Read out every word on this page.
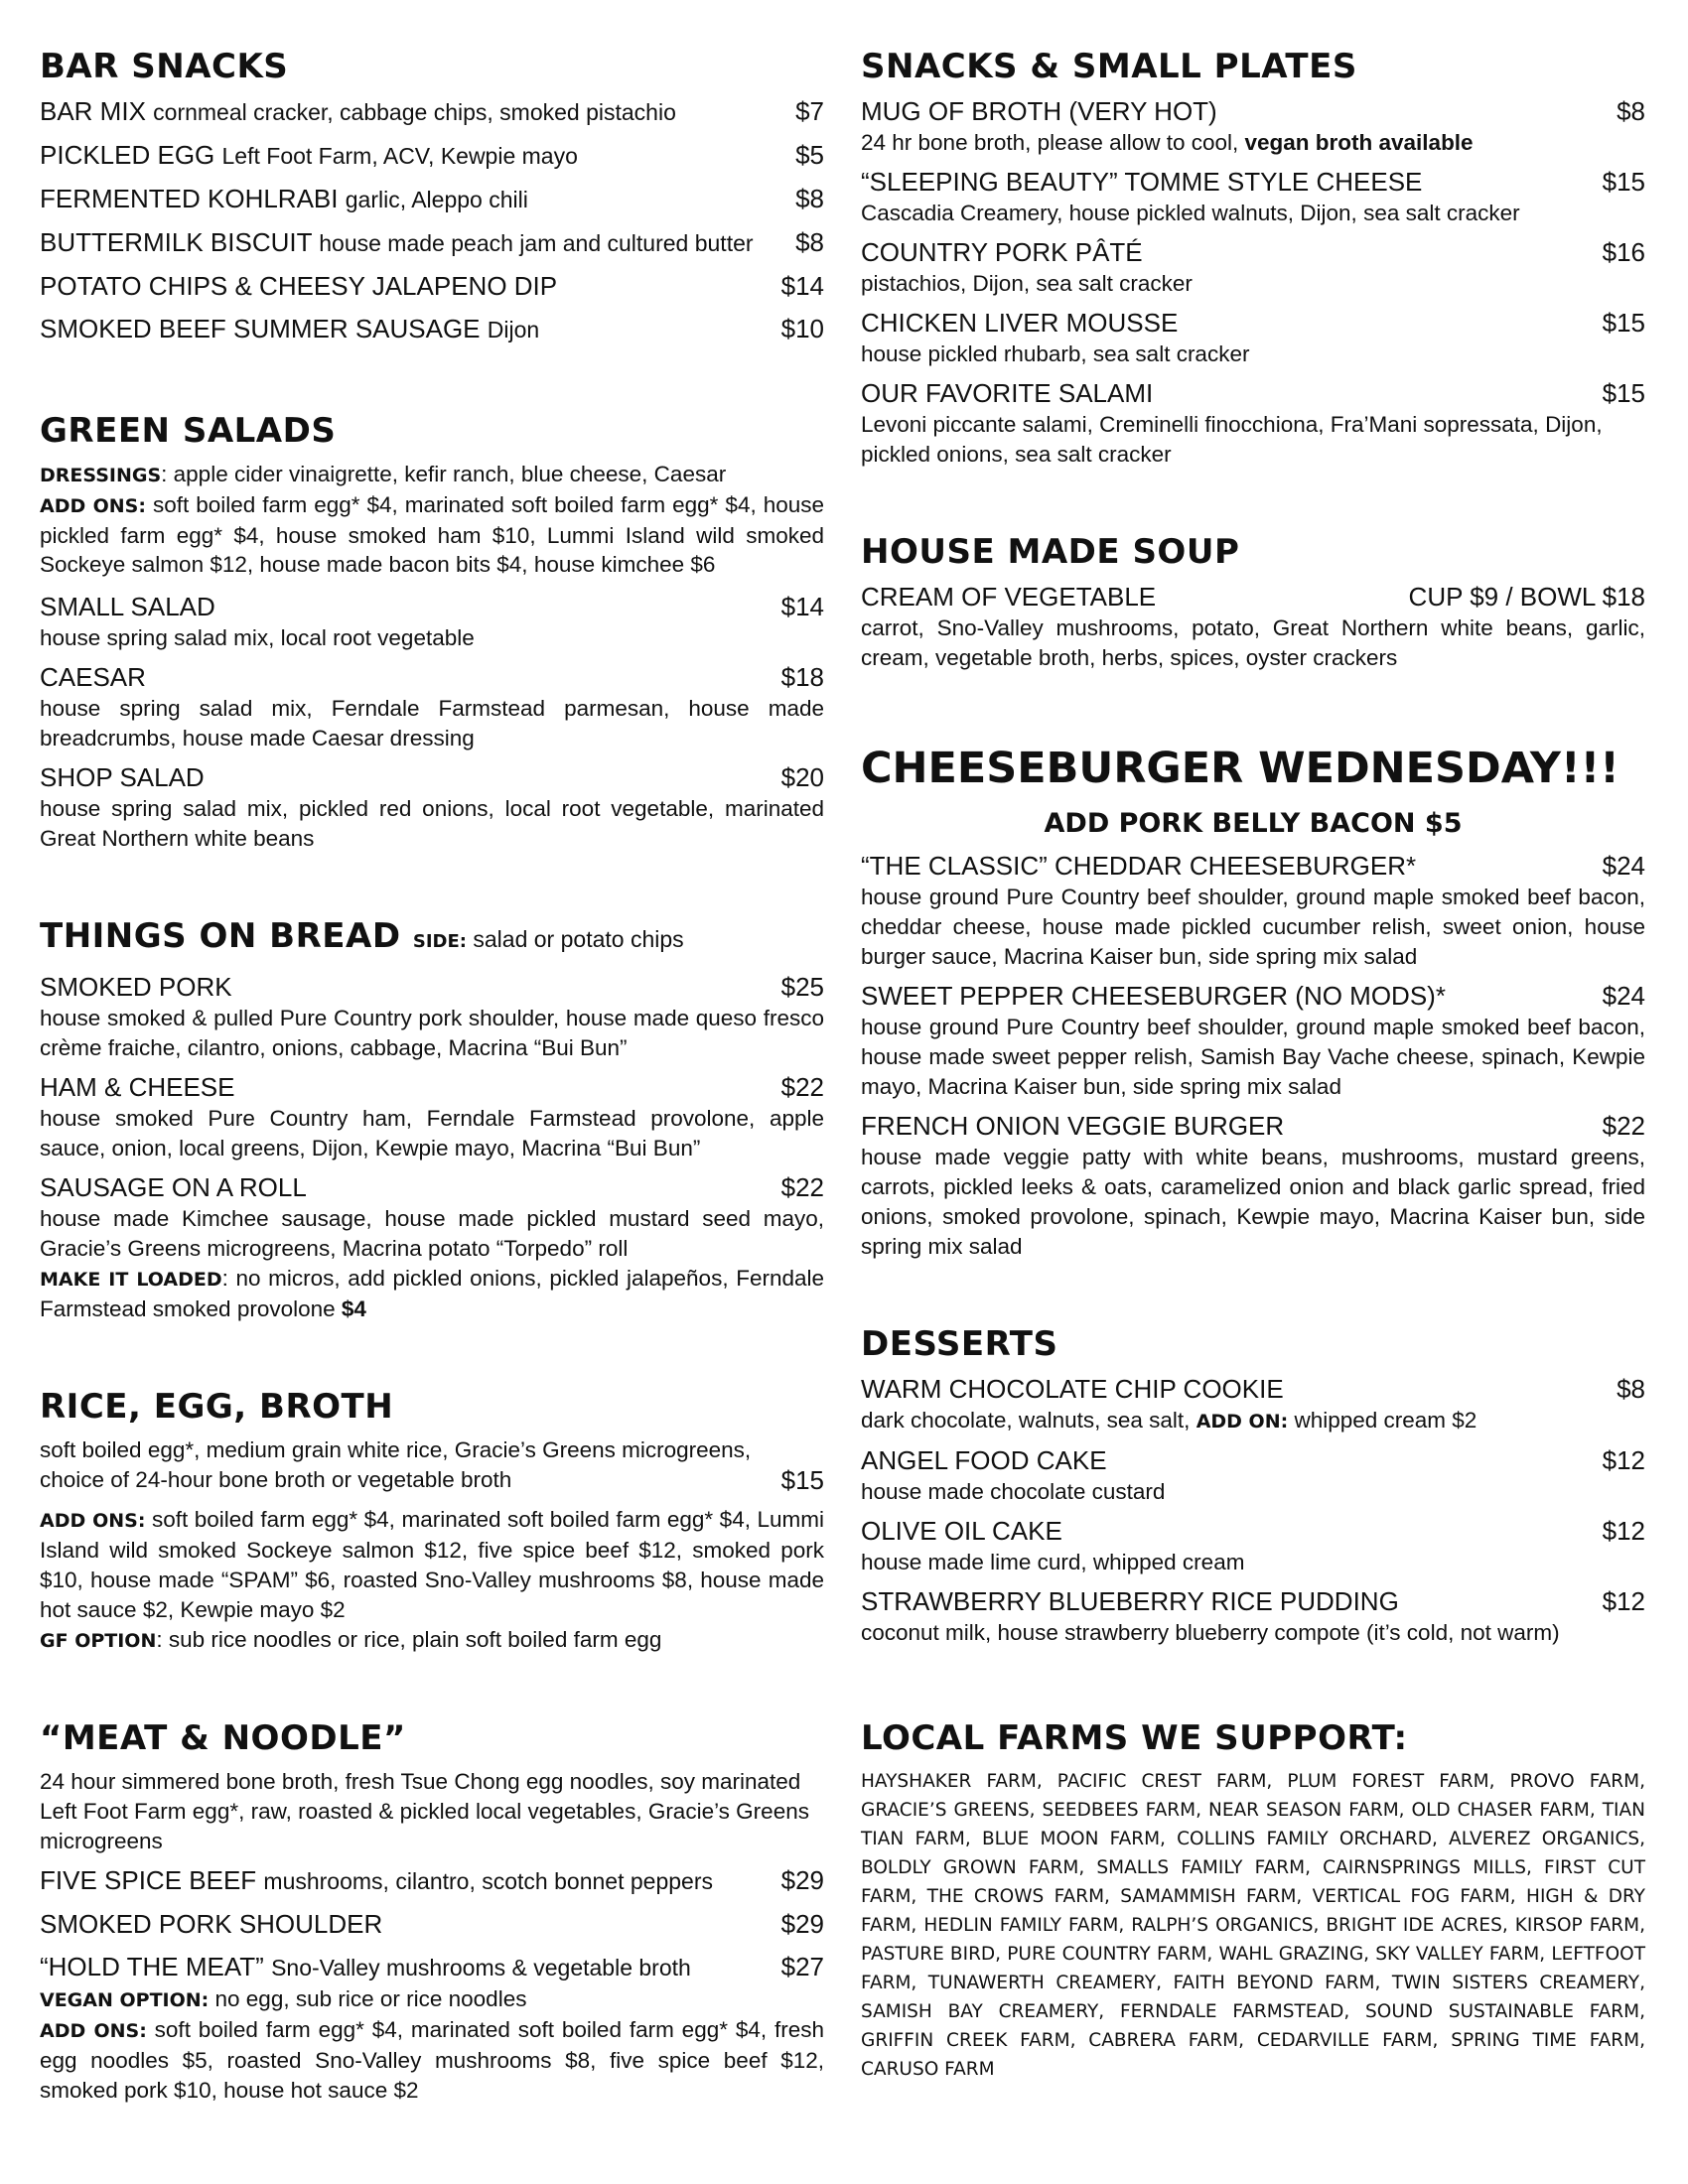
BAR SNACKS
BAR MIX cornmeal cracker, cabbage chips, smoked pistachio	$7
PICKLED EGG Left Foot Farm, ACV, Kewpie mayo	$5
FERMENTED KOHLRABI garlic, Aleppo chili	$8
BUTTERMILK BISCUIT house made peach jam and cultured butter	$8
POTATO CHIPS & CHEESY JALAPENO DIP	$14
SMOKED BEEF SUMMER SAUSAGE Dijon	$10
GREEN SALADS

DRESSINGS: apple cider vinaigrette, kefir ranch, blue cheese, Caesar

ADD ONS: soft boiled farm egg* $4, marinated soft boiled farm egg* $4, house pickled farm egg* $4, house smoked ham $10, Lummi Island wild smoked Sockeye salmon $12, house made bacon bits $4, house kimchee $6

SMALL SALAD	$14

house spring salad mix, local root vegetable

CAESAR	$18

house spring salad mix, Ferndale Farmstead parmesan, house made breadcrumbs, house made Caesar dressing

SHOP SALAD	$20

house spring salad mix, pickled red onions, local root vegetable, marinated Great Northern white beans

THINGS ON BREAD SIDE: salad or potato chips
SMOKED PORK	$25

house smoked & pulled Pure Country pork shoulder, house made queso fresco crème fraiche, cilantro, onions, cabbage, Macrina “Bui Bun”

HAM & CHEESE	$22

house smoked Pure Country ham, Ferndale Farmstead provolone, apple sauce, onion, local greens, Dijon, Kewpie mayo, Macrina “Bui Bun”

SAUSAGE ON A ROLL	$22

house made Kimchee sausage, house made pickled mustard seed mayo, Gracie’s Greens microgreens, Macrina potato “Torpedo” roll

MAKE IT LOADED: no micros, add pickled onions, pickled jalapeños, Ferndale Farmstead smoked provolone $4

RICE, EGG, BROTH

soft boiled egg*, medium grain white rice, Gracie’s Greens microgreens,

choice of 24-hour bone broth or vegetable broth	$15

ADD ONS: soft boiled farm egg* $4, marinated soft boiled farm egg* $4, Lummi Island wild smoked Sockeye salmon $12, five spice beef $12, smoked pork $10, house made “SPAM” $6, roasted Sno-Valley mushrooms $8, house made hot sauce $2, Kewpie mayo $2

GF OPTION: sub rice noodles or rice, plain soft boiled farm egg

“MEAT & NOODLE”

24 hour simmered bone broth, fresh Tsue Chong egg noodles, soy marinated Left Foot Farm egg*, raw, roasted & pickled local vegetables, Gracie’s Greens microgreens

FIVE SPICE BEEF mushrooms, cilantro, scotch bonnet peppers	$29
SMOKED PORK SHOULDER	$29
“HOLD THE MEAT” Sno-Valley mushrooms & vegetable broth	$27

VEGAN OPTION: no egg, sub rice or rice noodles

ADD ONS: soft boiled farm egg* $4, marinated soft boiled farm egg* $4, fresh egg noodles $5, roasted Sno-Valley mushrooms $8, five spice beef $12, smoked pork $10, house hot sauce $2

SNACKS & SMALL PLATES
MUG OF BROTH (VERY HOT)	$8

24 hr bone broth, please allow to cool, vegan broth available

“SLEEPING BEAUTY” TOMME STYLE CHEESE	$15

Cascadia Creamery, house pickled walnuts, Dijon, sea salt cracker

COUNTRY PORK PÂTÉ	$16

pistachios, Dijon, sea salt cracker

CHICKEN LIVER MOUSSE	$15

house pickled rhubarb, sea salt cracker

OUR FAVORITE SALAMI	$15

Levoni piccante salami, Creminelli finocchiona, Fra’Mani sopressata, Dijon, pickled onions, sea salt cracker

HOUSE MADE SOUP
CREAM OF VEGETABLE	CUP $9 / BOWL $18

carrot, Sno-Valley mushrooms, potato, Great Northern white beans, garlic, cream, vegetable broth, herbs, spices, oyster crackers

CHEESEBURGER WEDNESDAY!!!
ADD PORK BELLY BACON $5
“THE CLASSIC” CHEDDAR CHEESEBURGER*	$24

house ground Pure Country beef shoulder, ground maple smoked beef bacon, cheddar cheese, house made pickled cucumber relish, sweet onion, house burger sauce, Macrina Kaiser bun, side spring mix salad

SWEET PEPPER CHEESEBURGER (NO MODS)*	$24

house ground Pure Country beef shoulder, ground maple smoked beef bacon, house made sweet pepper relish, Samish Bay Vache cheese, spinach, Kewpie mayo, Macrina Kaiser bun, side spring mix salad

FRENCH ONION VEGGIE BURGER	$22

house made veggie patty with white beans, mushrooms, mustard greens, carrots, pickled leeks & oats, caramelized onion and black garlic spread, fried onions, smoked provolone, spinach, Kewpie mayo, Macrina Kaiser bun, side spring mix salad

DESSERTS
WARM CHOCOLATE CHIP COOKIE	$8

dark chocolate, walnuts, sea salt, ADD ON: whipped cream $2

ANGEL FOOD CAKE	$12

house made chocolate custard

OLIVE OIL CAKE	$12

house made lime curd, whipped cream

STRAWBERRY BLUEBERRY RICE PUDDING	$12

coconut milk, house strawberry blueberry compote (it’s cold, not warm)

LOCAL FARMS WE SUPPORT:

HAYSHAKER FARM, PACIFIC CREST FARM, PLUM FOREST FARM, PROVO FARM, GRACIE’S GREENS, SEEDBEES FARM, NEAR SEASON FARM, OLD CHASER FARM, TIAN TIAN FARM, BLUE MOON FARM, COLLINS FAMILY ORCHARD, ALVEREZ ORGANICS, BOLDLY GROWN FARM, SMALLS FAMILY FARM, CAIRNSPRINGS MILLS, FIRST CUT FARM, THE CROWS FARM, SAMAMMISH FARM, VERTICAL FOG FARM, HIGH & DRY FARM, HEDLIN FAMILY FARM, RALPH’S ORGANICS, BRIGHT IDE ACRES, KIRSOP FARM, PASTURE BIRD, PURE COUNTRY FARM, WAHL GRAZING, SKY VALLEY FARM, LEFTFOOT FARM, TUNAWERTH CREAMERY, FAITH BEYOND FARM, TWIN SISTERS CREAMERY, SAMISH BAY CREAMERY, FERNDALE FARMSTEAD, SOUND SUSTAINABLE FARM, GRIFFIN CREEK FARM, CABRERA FARM, CEDARVILLE FARM, SPRING TIME FARM, CARUSO FARM
